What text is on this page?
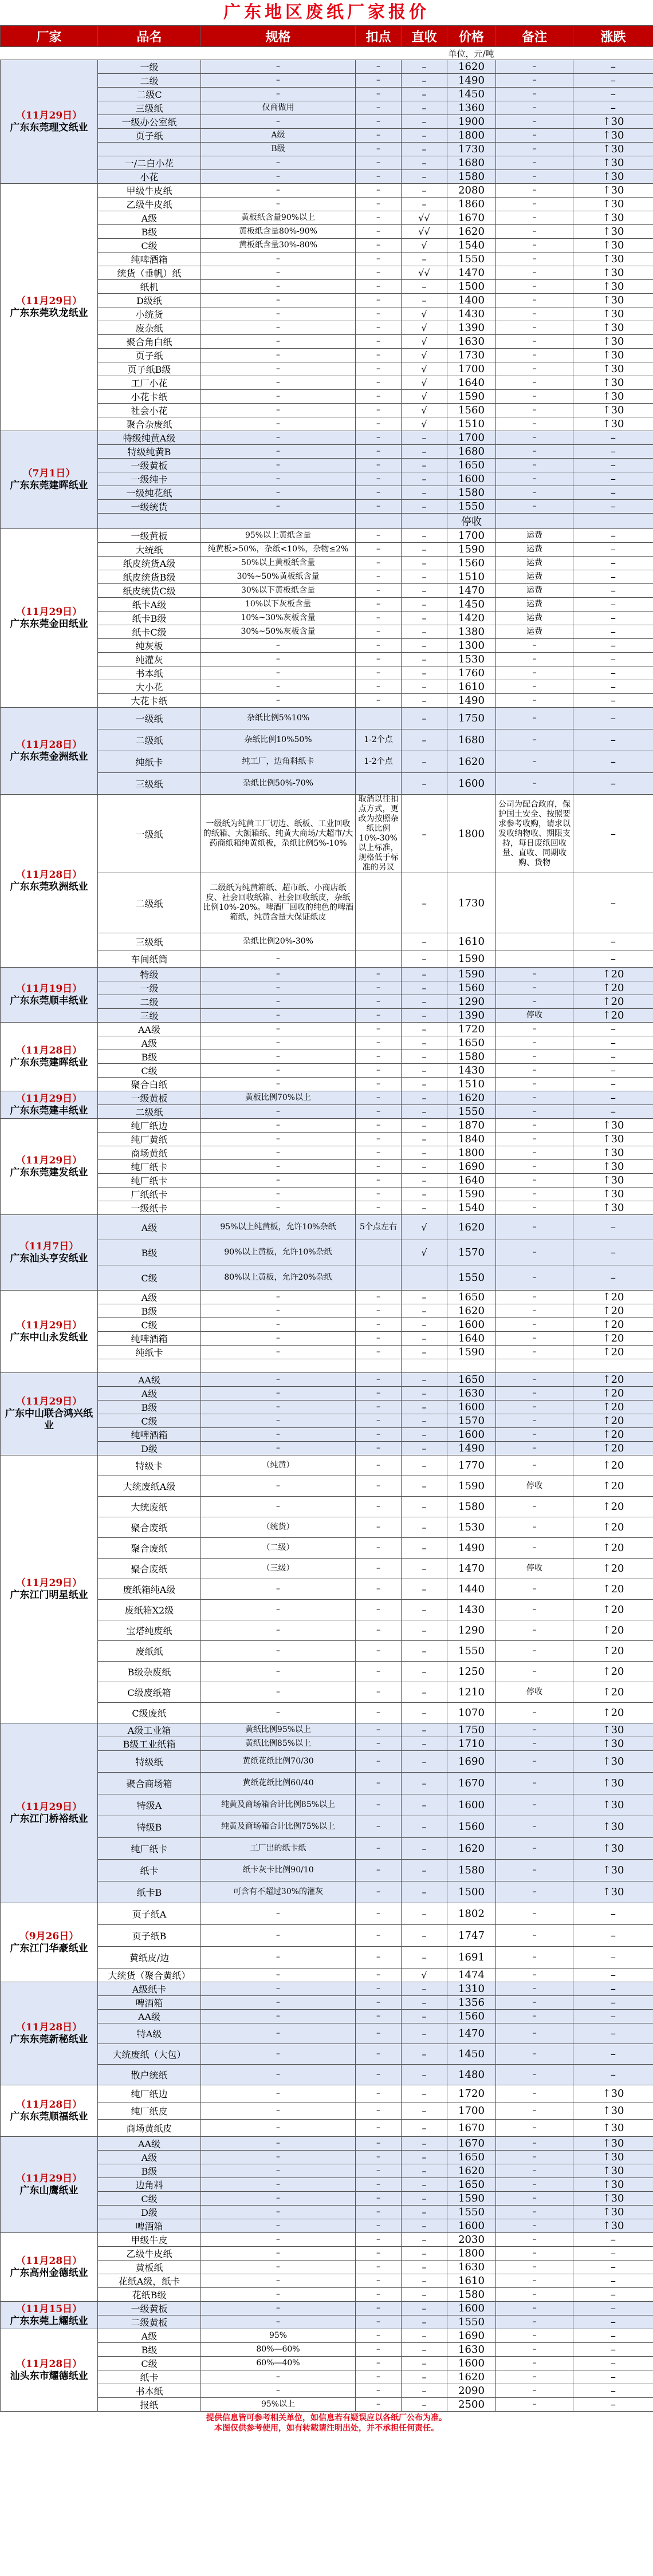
广东地区废纸厂家报价
厂家	品名	规格	扣点	直收	价格	备注	涨跌
					单位，元/吨		

（11月29日）
广东东莞理文纸业	一级	–	–	–	1620	–	–
	二级	–	–	–	1490	–	–
	二级C	–	–	–	1450	–	–
	三级纸	仅商做用	–	–	1360	–	–
	一级办公室纸	–	–	–	1900	–	↑30
	页子纸	A级	–	–	1800	–	↑30
		B级	–	–	1730	–	↑30
	一/二白小花	–	–	–	1680	–	↑30
	小花	–	–	–	1580	–	↑30

（11月29日）
广东东莞玖龙纸业	甲级牛皮纸	–	–	–	2080	–	↑30
	乙级牛皮纸	–	–	–	1860	–	↑30
	A级	黄板纸含量90%以上	–	√√	1670	–	↑30
	B级	黄板纸含量80%-90%	–	√√	1620	–	↑30
	C级	黄板纸含量30%-80%	–	√	1540	–	↑30
	纯啤酒箱	–	–	–	1550	–	↑30
	统货（垂帆）纸	–	–	√√	1470	–	↑30
	纸机	–	–	–	1500	–	↑30
	D级纸	–	–	–	1400	–	↑30
	小统货	–	–	√	1430	–	↑30
	废杂纸	–	–	√	1390	–	↑30
	聚合角白纸	–	–	√	1630	–	↑30
	页子纸	–	–	√	1730	–	↑30
	页子纸B级	–	–	√	1700	–	↑30
	工厂小花	–	–	√	1640	–	↑30
	小花卡纸	–	–	√	1590	–	↑30
	社会小花	–	–	√	1560	–	↑30
	聚合杂废纸	–	–	√	1510	–	↑30

（7月1日）
广东东莞建晖纸业	特级纯黄A级	–	–	–	1700	–	–
	特级纯黄B	–	–	–	1680	–	–
	一级黄板	–	–	–	1650	–	–
	一级纯卡	–	–	–	1600	–	–
	一级纯花纸	–	–	–	1580	–	–
	一级统货	–	–	–	1550	–	–
					停收		

（11月29日）
广东东莞金田纸业	一级黄板	95%以上黄纸含量	–	–	1700	运费	–
	大统纸	纯黄板>50%，杂纸<10%，杂物≤2%	–	–	1590	运费	–
	纸皮统货A级	50%以上黄板纸含量	–	–	1560	运费	–
	纸皮统货B级	30%~50%黄板纸含量	–	–	1510	运费	–
	纸皮统货C级	30%以下黄板纸含量	–	–	1470	运费	–
	纸卡A级	10%以下灰板含量	–	–	1450	运费	–
	纸卡B级	10%~30%灰板含量	–	–	1420	运费	–
	纸卡C级	30%~50%灰板含量	–	–	1380	运费	–
	纯灰板	–	–	–	1300	–	–
	纯灌灰	–	–	–	1530	–	–
	书本纸	–	–	–	1760	–	–
	大小花	–	–	–	1610	–	–
	大花卡纸	–	–	–	1490	–	–

（11月28日）
广东东莞金洲纸业	一级纸	杂纸比例5%10%		–	1750	–	–
	二级纸	杂纸比例10%50%	1-2个点	–	1680	–	–
	纯纸卡	纯工厂，边角料纸卡	1-2个点	–	1620	–	–
	三级纸	杂纸比例50%-70%		–	1600	–	–

（11月28日）
广东东莞玖洲纸业	一级纸	一级纸为纯黄工厂切边、纸板、工业回收的纸箱、大额箱纸、纯黄大商场/大超市/大药商纸箱纯黄纸板，杂纸比例5%-10%	取消以往扣点方式，更改为按照杂纸比例10%-30%以上标准，规格低于标准的另议	–	1800	公司为配合政府，保护国土安全、按照要求参考收购，请求以发收纳物收、期限支持，每日废纸回收量、直收、同期收购、货物	–
	二级纸	二级纸为纯黄箱纸、超市纸、小商店纸皮、社会回收纸箱、社会回收纸皮，杂纸比例10%-20%。啤酒厂回收的纯色的啤酒箱纸，纯黄含量大保证纸皮		–	1730		–
	三级纸	杂纸比例20%-30%		–	1610		–
	车间纸筒	–		–	1590		–

（11月19日）
广东东莞顺丰纸业	特级	–	–	–	1590	–	↑20
	一级	–	–	–	1560	–	↑20
	二级	–	–	–	1290	–	↑20
	三级	–	–	–	1390	停收	↑20

（11月28日）
广东东莞建晖纸业	AA级	–	–	–	1720	–	–
	A级	–	–	–	1650	–	–
	B级	–	–	–	1580	–	–
	C级	–	–	–	1430	–	–
	聚合白纸	–	–	–	1510	–	–

（11月29日）
广东东莞建丰纸业	一级黄板	黄板比例70%以上	–	–	1620	–	–
	二级纸	–	–	–	1550	–	–

（11月29日）
广东东莞建发纸业	纯厂纸边	–	–	–	1870	–	↑30
	纯厂黄纸	–	–	–	1840	–	↑30
	商场黄纸	–	–	–	1800	–	↑30
	纯厂纸卡	–	–	–	1690	–	↑30
	纯厂纸卡	–	–	–	1640	–	↑30
	厂纸纸卡	–	–	–	1590	–	↑30
	一级纸卡	–	–	–	1540	–	↑30

（11月7日）
广东汕头亨安纸业	A级	95%以上纯黄板，允许10%杂纸	5个点左右	√	1620	–	–
	B级	90%以上黄板，允许10%杂纸		√	1570	–	–
	C级	80%以上黄板，允许20%杂纸			1550	–	–

（11月29日）
广东中山永发纸业	A级	–	–	–	1650	–	↑20
	B级	–	–	–	1620	–	↑20
	C级	–	–	–	1600	–	↑20
	纯啤酒箱	–	–	–	1640	–	↑20
	纯纸卡	–	–	–	1590	–	↑20

（11月29日）
广东中山联合鸿兴纸业	AA级	–	–	–	1650	–	↑20
	A级	–	–	–	1630	–	↑20
	B级	–	–	–	1600	–	↑20
	C级	–	–	–	1570	–	↑20
	纯啤酒箱	–	–	–	1600	–	↑20
	D级	–	–	–	1490	–	↑20

（11月29日）
广东江门明星纸业	特级卡	（纯黄）	–	–	1770	–	↑20
	大统废纸A级	–	–	–	1590	停收	↑20
	大统废纸	–	–	–	1580	–	↑20
	聚合废纸	（统货）	–	–	1530	–	↑20
	聚合废纸	（二级）	–	–	1490	–	↑20
	聚合废纸	（三级）	–	–	1470	停收	↑20
	废纸箱纯A级	–	–	–	1440	–	↑20
	废纸箱X2级	–	–	–	1430	–	↑20
	宝塔纯废纸	–	–	–	1290	–	↑20
	废纸纸	–	–	–	1550	–	↑20
	B级杂废纸	–	–	–	1250	–	↑20
	C级废纸箱	–	–	–	1210	停收	↑20
	C级废纸	–	–	–	1070	–	↑20

（11月29日）
广东江门桥裕纸业	A级工业箱	黄纸比例95%以上	–	–	1750	–	↑30
	B级工业纸箱	黄纸比例85%以上	–	–	1710	–	↑30
	特级纸	黄纸花纸比例70/30	–	–	1690	–	↑30
	聚合商场箱	黄纸花纸比例60/40	–	–	1670	–	↑30
	特级A	纯黄及商场箱合计比例85%以上	–	–	1600	–	↑30
	特级B	纯黄及商场箱合计比例75%以上	–	–	1560	–	↑30
	纯厂纸卡	工厂出的纸卡纸	–	–	1620	–	↑30
	纸卡	纸卡灰卡比例90/10	–	–	1580	–	↑30
	纸卡B	可含有不超过30%的灌灰	–	–	1500	–	↑30

（9月26日）
广东江门华豪纸业	页子纸A	–	–	–	1802	–	–
	页子纸B	–	–	–	1747	–	–
	黄纸皮/边	–	–	–	1691	–	–
	大统货（聚合黄纸）	–	–	√	1474	–	–

（11月28日）
广东东莞新秘纸业	A级纸卡	–	–	–	1310	–	–
	啤酒箱	–	–	–	1356	–	–
	AA级	–	–	–	1560	–	–
	特A级	–	–	–	1470	–	–
	大统废纸（大包）	–	–	–	1450	–	–
	散户统纸	–	–	–	1480	–	–

（11月28日）
广东东莞顺福纸业	纯厂纸边	–	–	–	1720	–	↑30
	纯厂纸皮	–	–	–	1700	–	↑30
	商场黄纸皮	–	–	–	1670	–	↑30

（11月29日）
广东山鹰纸业	AA级	–	–	–	1670	–	↑30
	A级	–	–	–	1650	–	↑30
	B级	–	–	–	1620	–	↑30
	边角料	–	–	–	1650	–	↑30
	C级	–	–	–	1590	–	↑30
	D级	–	–	–	1550	–	↑30
	啤酒箱	–	–	–	1600	–	↑30

（11月28日）
广东高州金德纸业	甲级牛皮	–	–	–	2030	–	–
	乙级牛皮纸	–	–	–	1800	–	–
	黄板纸	–	–	–	1630	–	–
	花纸A级，纸卡	–	–	–	1610	–	–
	花纸B级	–	–	–	1580	–	–

（11月15日）
广东东莞上耀纸业	一级黄板	–	–	–	1600	–	–
	二级黄板	–	–	–	1550	–	–

（11月28日）
汕头东市耀德纸业	A级	95%	–	–	1690	–	–
	B级	80%—60%	–	–	1630	–	–
	C级	60%—40%	–	–	1600	–	–
	纸卡	–	–	–	1620	–	–
	书本纸	–	–	–	2090	–	–
	报纸	95%以上	–	–	2500	–	–
提供信息皆可参考相关单位，如信息若有疑误应以各纸厂公布为准。
本图仅供参考使用，如有转载请注明出处，并不承担任何责任。
